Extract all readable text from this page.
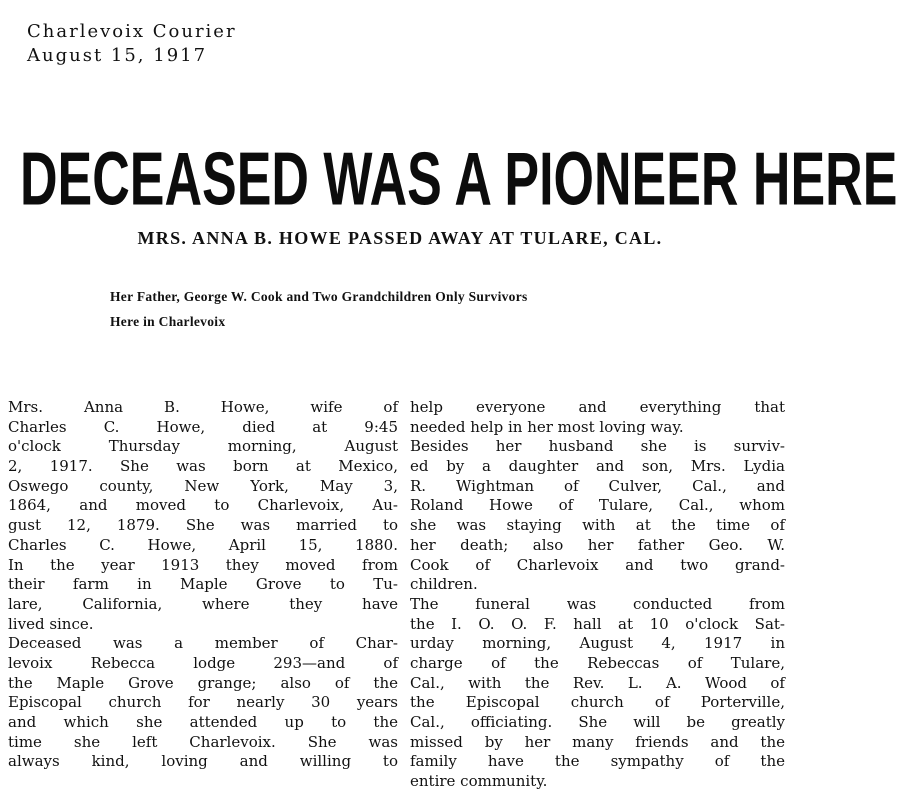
Charlevoix Courier
August 15, 1917
DECEASED WAS A PIONEER HERE
MRS. ANNA B. HOWE PASSED AWAY AT TULARE, CAL.
Her Father, George W. Cook and Two Grandchildren Only Survivors
Here in Charlevoix
Mrs. Anna B. Howe, wife of
Charles C. Howe, died at 9:45
o'clock Thursday morning, August
2, 1917. She was born at Mexico,
Oswego county, New York, May 3,
1864, and moved to Charlevoix, Au-
gust 12, 1879. She was married to
Charles C. Howe, April 15, 1880.
In the year 1913 they moved from
their farm in Maple Grove to Tu-
lare, California, where they have
lived since.
Deceased was a member of Char-
levoix Rebecca lodge 293—and of
the Maple Grove grange; also of the
Episcopal church for nearly 30 years
and which she attended up to the
time she left Charlevoix. She was
always kind, loving and willing to
help everyone and everything that
needed help in her most loving way.
Besides her husband she is surviv-
ed by a daughter and son, Mrs. Lydia
R. Wightman of Culver, Cal., and
Roland Howe of Tulare, Cal., whom
she was staying with at the time of
her death; also her father Geo. W.
Cook of Charlevoix and two grand-
children.
The funeral was conducted from
the I. O. O. F. hall at 10 o'clock Sat-
urday morning, August 4, 1917 in
charge of the Rebeccas of Tulare,
Cal., with the Rev. L. A. Wood of
the Episcopal church of Porterville,
Cal., officiating. She will be greatly
missed by her many friends and the
family have the sympathy of the
entire community.
